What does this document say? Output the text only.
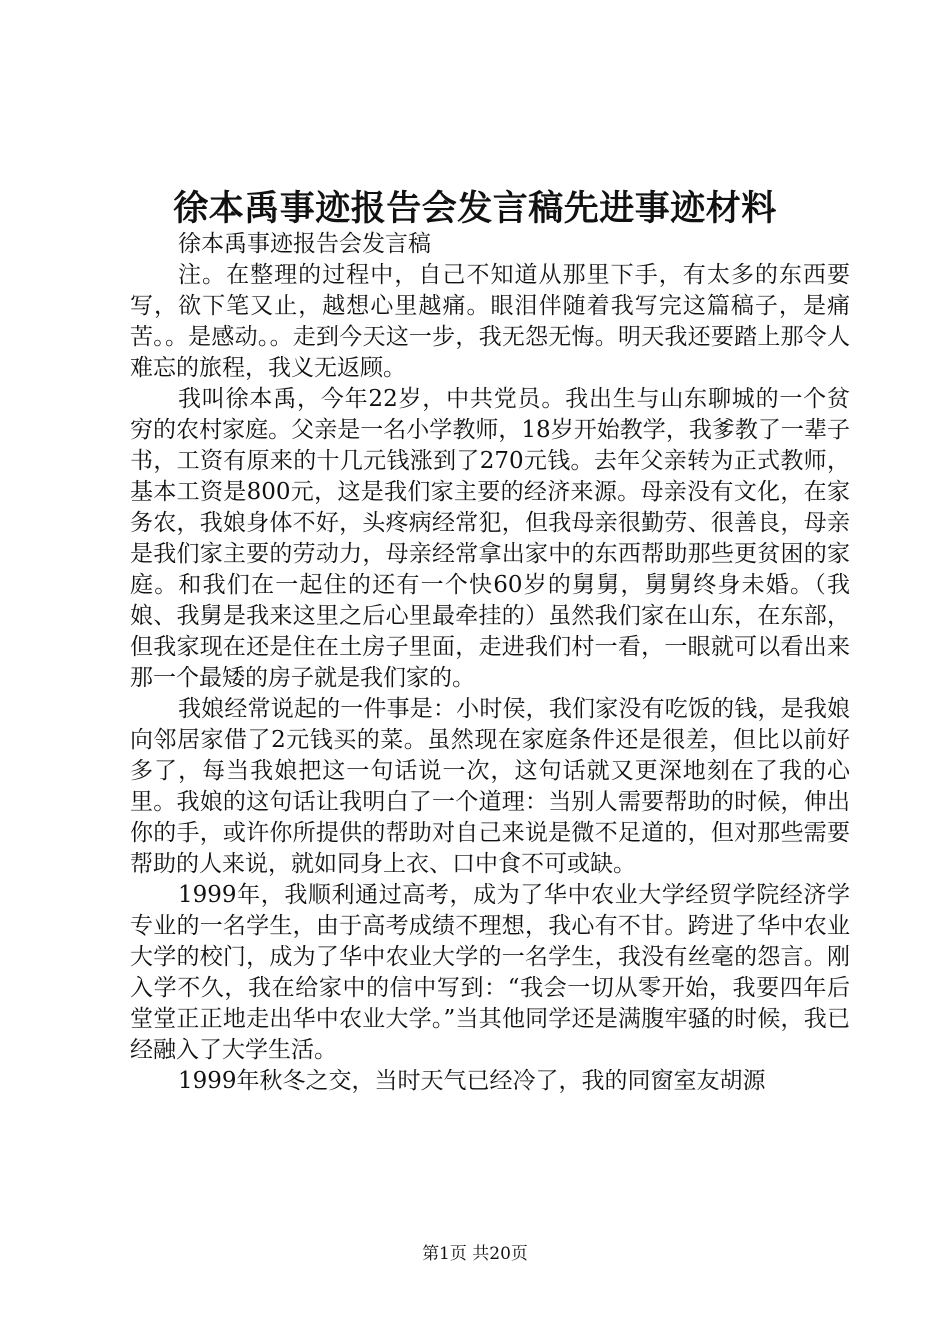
徐本禹事迹报告会发言稿先进事迹材料

徐本禹事迹报告会发言稿

注。在整理的过程中，自己不知道从那里下手，有太多的东西要写，欲下笔又止，越想心里越痛。眼泪伴随着我写完这篇稿子，是痛苦。。是感动。。走到今天这一步，我无怨无悔。明天我还要踏上那令人难忘的旅程，我义无返顾。

我叫徐本禹，今年22岁，中共党员。我出生与山东聊城的一个贫穷的农村家庭。父亲是一名小学教师，18岁开始教学，我爹教了一辈子书，工资有原来的十几元钱涨到了270元钱。去年父亲转为正式教师，基本工资是800元，这是我们家主要的经济来源。母亲没有文化，在家务农，我娘身体不好，头疼病经常犯，但我母亲很勤劳、很善良，母亲是我们家主要的劳动力，母亲经常拿出家中的东西帮助那些更贫困的家庭。和我们在一起住的还有一个快60岁的舅舅，舅舅终身未婚。（我娘、我舅是我来这里之后心里最牵挂的）虽然我们家在山东，在东部，但我家现在还是住在土房子里面，走进我们村一看，一眼就可以看出来那一个最矮的房子就是我们家的。

我娘经常说起的一件事是：小时侯，我们家没有吃饭的钱，是我娘向邻居家借了2元钱买的菜。虽然现在家庭条件还是很差，但比以前好多了，每当我娘把这一句话说一次，这句话就又更深地刻在了我的心里。我娘的这句话让我明白了一个道理：当别人需要帮助的时候，伸出你的手，或许你所提供的帮助对自己来说是微不足道的，但对那些需要帮助的人来说，就如同身上衣、口中食不可或缺。

1999年，我顺利通过高考，成为了华中农业大学经贸学院经济学专业的一名学生，由于高考成绩不理想，我心有不甘。跨进了华中农业大学的校门，成为了华中农业大学的一名学生，我没有丝毫的怨言。刚入学不久，我在给家中的信中写到：“我会一切从零开始，我要四年后堂堂正正地走出华中农业大学。”当其他同学还是满腹牢骚的时候，我已经融入了大学生活。

1999年秋冬之交，当时天气已经冷了，我的同窗室友胡源

第1页 共20页
